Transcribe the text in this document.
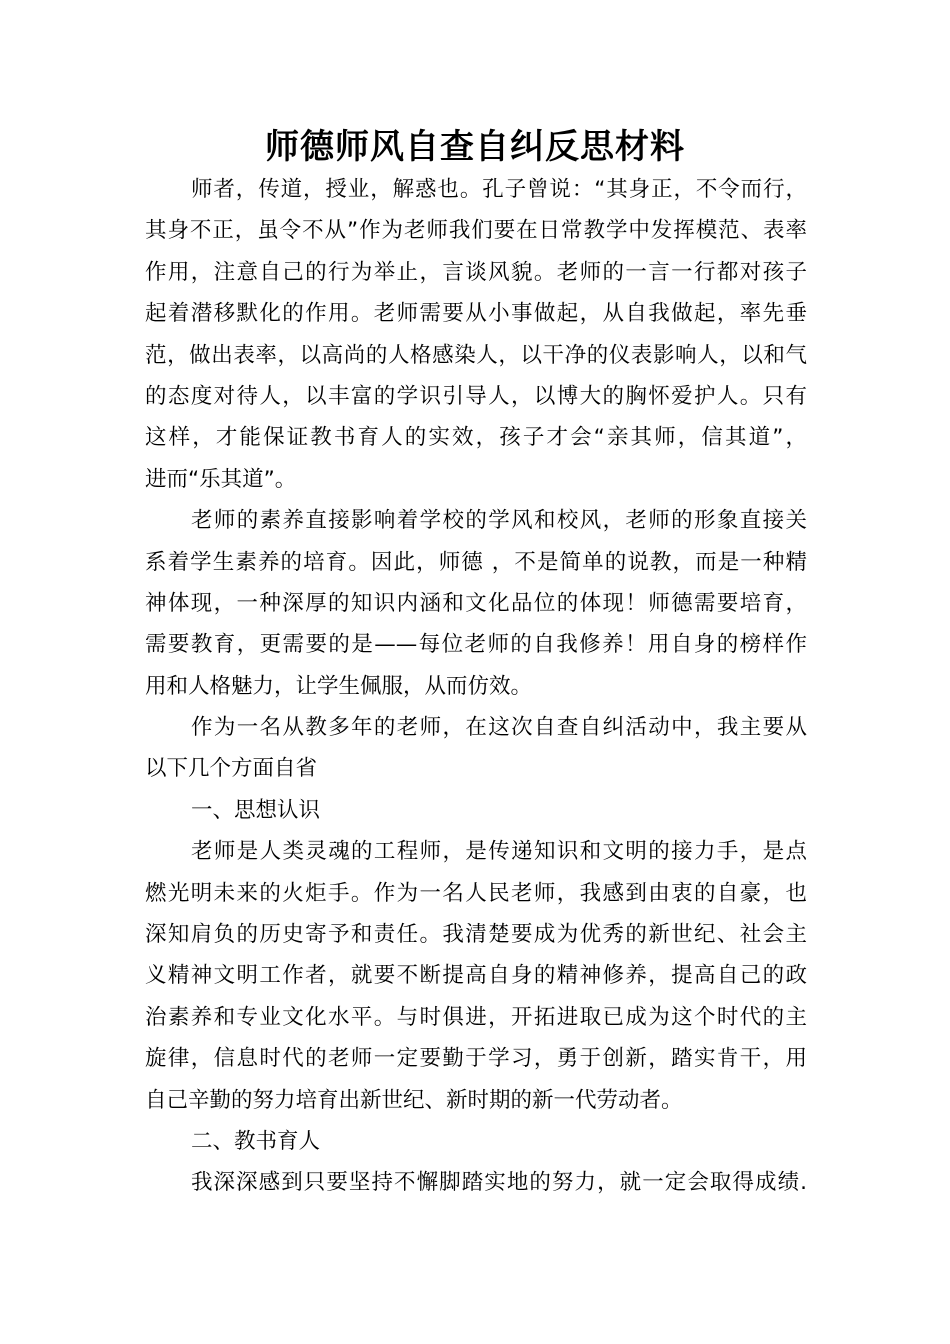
师德师风自查自纠反思材料
师者，传道，授业，解惑也。孔子曾说：“其身正，不令而行，
其身不正，虽令不从”作为老师我们要在日常教学中发挥模范、表率
作用，注意自己的行为举止，言谈风貌。老师的一言一行都对孩子
起着潜移默化的作用。老师需要从小事做起，从自我做起，率先垂
范，做出表率，以高尚的人格感染人，以干净的仪表影响人，以和气
的态度对待人，以丰富的学识引导人，以博大的胸怀爱护人。只有
这样，才能保证教书育人的实效，孩子才会“亲其师，信其道”，
进而“乐其道”。
老师的素养直接影响着学校的学风和校风，老师的形象直接关
系着学生素养的培育。因此，师德 ，不是简单的说教，而是一种精
神体现，一种深厚的知识内涵和文化品位的体现！师德需要培育，
需要教育，更需要的是——每位老师的自我修养！用自身的榜样作
用和人格魅力，让学生佩服，从而仿效。
作为一名从教多年的老师，在这次自查自纠活动中，我主要从
以下几个方面自省
一、思想认识
老师是人类灵魂的工程师，是传递知识和文明的接力手，是点
燃光明未来的火炬手。作为一名人民老师，我感到由衷的自豪，也
深知肩负的历史寄予和责任。我清楚要成为优秀的新世纪、社会主
义精神文明工作者，就要不断提高自身的精神修养，提高自己的政
治素养和专业文化水平。与时俱进，开拓进取已成为这个时代的主
旋律，信息时代的老师一定要勤于学习，勇于创新，踏实肯干，用
自己辛勤的努力培育出新世纪、新时期的新一代劳动者。
二、教书育人
我深深感到只要坚持不懈脚踏实地的努力，就一定会取得成绩.
